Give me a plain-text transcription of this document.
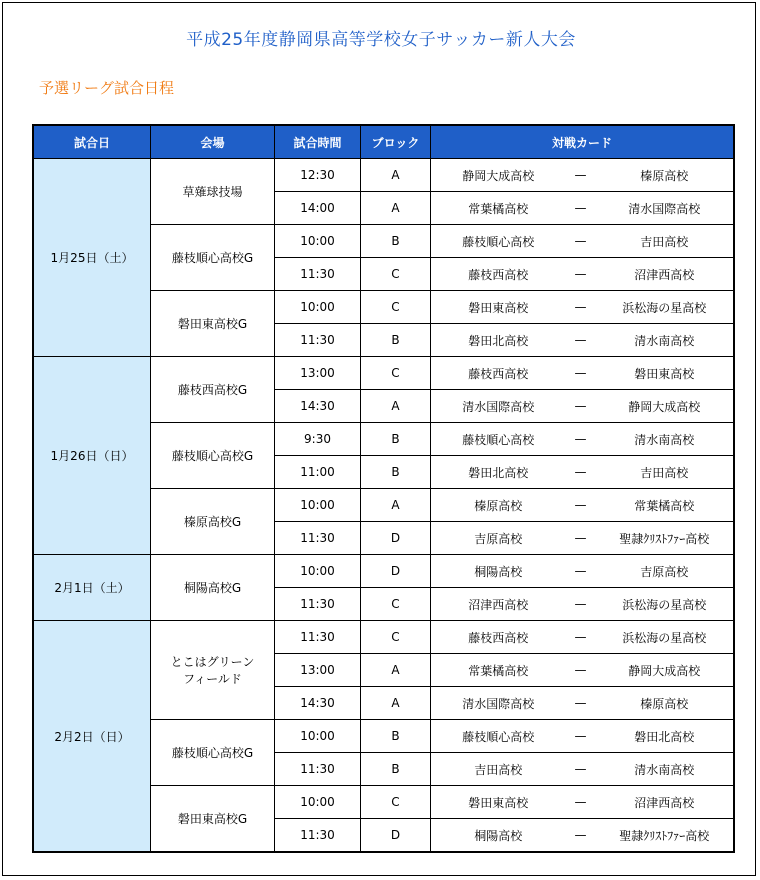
平成25年度静岡県高等学校女子サッカー新人大会
予選リーグ試合日程
試合日	会場	試合時間	ブロック	対戦カード		
1月25日（土）	草薙球技場	12:30	A	静岡大成高校	—	榛原高校
		14:00	A	常葉橘高校	—	清水国際高校
	藤枝順心高校G	10:00	B	藤枝順心高校	—	吉田高校
		11:30	C	藤枝西高校	—	沼津西高校
	磐田東高校G	10:00	C	磐田東高校	—	浜松海の星高校
		11:30	B	磐田北高校	—	清水南高校
1月26日（日）	藤枝西高校G	13:00	C	藤枝西高校	—	磐田東高校
		14:30	A	清水国際高校	—	静岡大成高校
	藤枝順心高校G	9:30	B	藤枝順心高校	—	清水南高校
		11:00	B	磐田北高校	—	吉田高校
	榛原高校G	10:00	A	榛原高校	—	常葉橘高校
		11:30	D	吉原高校	—	聖隷ｸﾘｽﾄﾌｧｰ高校
2月1日（土）	桐陽高校G	10:00	D	桐陽高校	—	吉原高校
		11:30	C	沼津西高校	—	浜松海の星高校
2月2日（日）	とこはグリーン
フィールド	11:30	C	藤枝西高校	—	浜松海の星高校
		13:00	A	常葉橘高校	—	静岡大成高校
		14:30	A	清水国際高校	—	榛原高校
	藤枝順心高校G	10:00	B	藤枝順心高校	—	磐田北高校
		11:30	B	吉田高校	—	清水南高校
	磐田東高校G	10:00	C	磐田東高校	—	沼津西高校
		11:30	D	桐陽高校	—	聖隷ｸﾘｽﾄﾌｧｰ高校
